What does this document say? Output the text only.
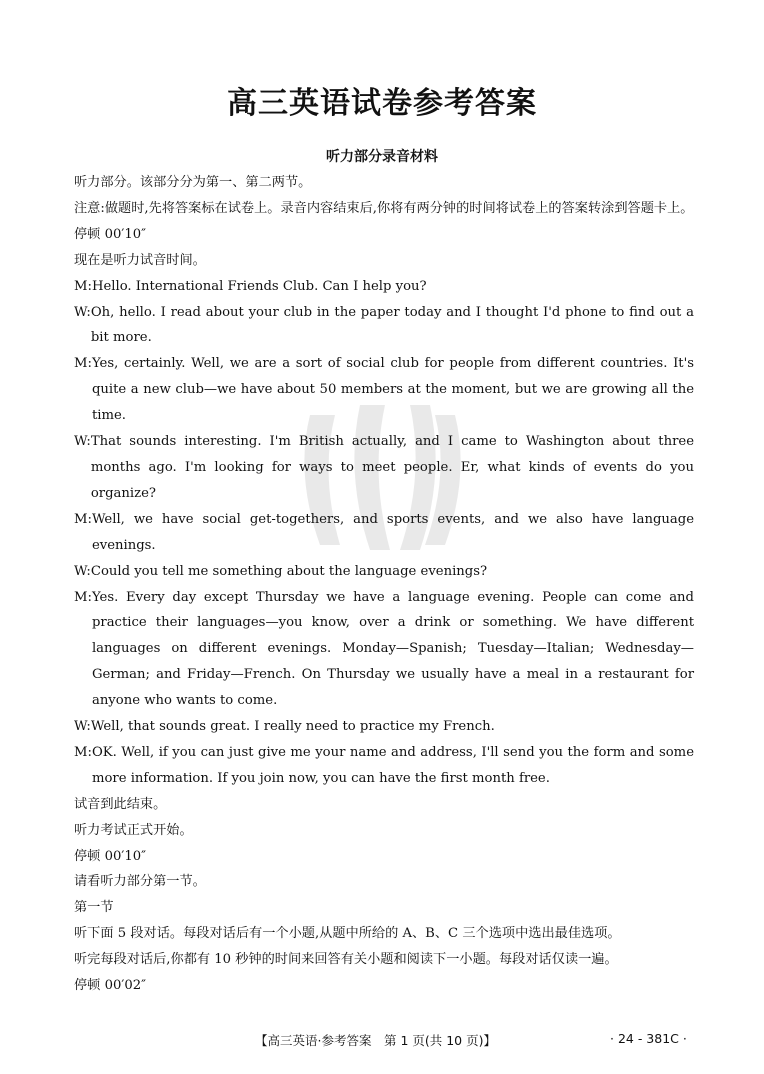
高三英语试卷参考答案
听力部分录音材料
听力部分。该部分分为第一、第二两节。
注意:做题时,先将答案标在试卷上。录音内容结束后,你将有两分钟的时间将试卷上的答案转涂到答题卡上。
停顿 00′10″
现在是听力试音时间。
M: Hello. International Friends Club. Can I help you?
W: Oh, hello. I read about your club in the paper today and I thought I'd phone to find out a bit more.
M: Yes, certainly. Well, we are a sort of social club for people from different countries. It's quite a new club—we have about 50 members at the moment, but we are growing all the time.
W: That sounds interesting. I'm British actually, and I came to Washington about three months ago. I'm looking for ways to meet people. Er, what kinds of events do you organize?
M: Well, we have social get-togethers, and sports events, and we also have language evenings.
W: Could you tell me something about the language evenings?
M: Yes. Every day except Thursday we have a language evening. People can come and practice their languages—you know, over a drink or something. We have different languages on different evenings. Monday—Spanish; Tuesday—Italian; Wednesday—German; and Friday—French. On Thursday we usually have a meal in a restaurant for anyone who wants to come.
W: Well, that sounds great. I really need to practice my French.
M: OK. Well, if you can just give me your name and address, I'll send you the form and some more information. If you join now, you can have the first month free.
试音到此结束。
听力考试正式开始。
停顿 00′10″
请看听力部分第一节。
第一节
听下面 5 段对话。每段对话后有一个小题,从题中所给的 A、B、C 三个选项中选出最佳选项。
听完每段对话后,你都有 10 秒钟的时间来回答有关小题和阅读下一小题。每段对话仅读一遍。
停顿 00′02″
【高三英语·参考答案　第 1 页(共 10 页)】	· 24 - 381C ·
